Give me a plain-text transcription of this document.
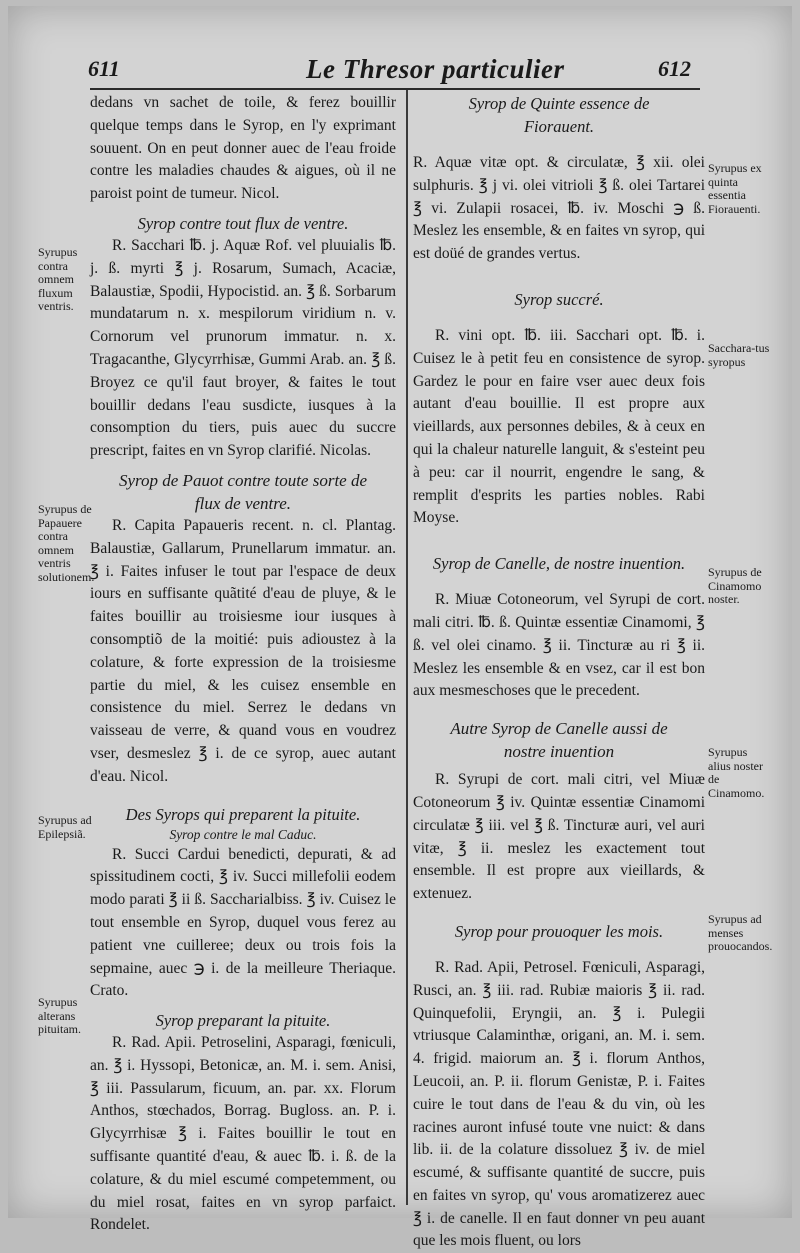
611	Le Thresor particulier	612

dedans vn sachet de toile, & ferez bouillir quelque temps dans le Syrop, en l'y exprimant souuent. On en peut donner auec de l'eau froide contre les maladies chaudes & aigues, où il ne paroist point de tumeur. Nicol.

Syrop contre tout flux de ventre.

R. Sacchari ℔. j. Aquæ Rof. vel pluuialis ℔. j. ß. myrti ℥ j. Rosarum, Sumach, Acaciæ, Balaustiæ, Spodii, Hypocistid. an. ℥ ß. Sorbarum mundatarum n. x. mespilorum viridium n. v. Cornorum vel prunorum immatur. n. x. Tragacanthe, Glycyrrhisæ, Gummi Arab. an. ℥ ß. Broyez ce qu'il faut broyer, & faites le tout bouillir dedans l'eau susdicte, iusques à la consomption du tiers, puis auec du succre prescript, faites en vn Syrop clarifié. Nicolas.

Syrop de Pauot contre toute sorte de

flux de ventre.

R. Capita Papaueris recent. n. cl. Plantag. Balaustiæ, Gallarum, Prunellarum immatur. an. ℥ i. Faites infuser le tout par l'espace de deux iours en suffisante quãtité d'eau de pluye, & le faites bouillir au troisiesme iour iusques à consomptiõ de la moitié: puis adioustez à la colature, & forte expression de la troisiesme partie du miel, & les cuisez ensemble en consistence du miel. Serrez le dedans vn vaisseau de verre, & quand vous en voudrez vser, desmeslez ℥ i. de ce syrop, auec autant d'eau. Nicol.

Des Syrops qui preparent la pituite.

Syrop contre le mal Caduc.

R. Succi Cardui benedicti, depurati, & ad spissitudinem cocti, ℥ iv. Succi millefolii eodem modo parati ℥ ii ß. Saccharialbiss. ℥ iv. Cuisez le tout ensemble en Syrop, duquel vous ferez au patient vne cuilleree; deux ou trois fois la sepmaine, auec ℈ i. de la meilleure Theriaque. Crato.

Syrop preparant la pituite.

R. Rad. Apii. Petroselini, Asparagi, fœniculi, an. ℥ i. Hyssopi, Betonicæ, an. M. i. sem. Anisi, ℥ iii. Passularum, ficuum, an. par. xx. Florum Anthos, stœchados, Borrag. Bugloss. an. P. i. Glycyrrhisæ ℥ i. Faites bouillir le tout en suffisante quantité d'eau, & auec ℔. i. ß. de la colature, & du miel escumé competemment, ou du miel rosat, faites en vn syrop parfaict. Rondelet.

Syrop de Quinte essence de

Fiorauent.

R. Aquæ vitæ opt. & circulatæ, ℥ xii. olei sulphuris. ℥ j vi. olei vitrioli ℥ ß. olei Tartarei ℥ vi. Zulapii rosacei, ℔. iv. Moschi ℈ ß. Meslez les ensemble, & en faites vn syrop, qui est doüé de grandes vertus.

Syrop succré.

R. vini opt. ℔. iii. Sacchari opt. ℔. i. Cuisez le à petit feu en consistence de syrop. Gardez le pour en faire vser auec deux fois autant d'eau bouillie. Il est propre aux vieillards, aux personnes debiles, & à ceux en qui la chaleur naturelle languit, & s'esteint peu à peu: car il nourrit, engendre le sang, & remplit d'esprits les parties nobles. Rabi Moyse.

Syrop de Canelle, de nostre inuention.

R. Miuæ Cotoneorum, vel Syrupi de cort. mali citri. ℔. ß. Quintæ essentiæ Cinamomi, ℥ ß. vel olei cinamo. ℥ ii. Tincturæ au ri ℥ ii. Meslez les ensemble & en vsez, car il est bon aux mesmeschoses que le precedent.

Autre Syrop de Canelle aussi de

nostre inuention

R. Syrupi de cort. mali citri, vel Miuæ Cotoneorum ℥ iv. Quintæ essentiæ Cinamomi circulatæ ℥ iii. vel ℥ ß. Tincturæ auri, vel auri vitæ, ℥ ii. meslez les exactement tout ensemble. Il est propre aux vieillards, & extenuez.

Syrop pour prouoquer les mois.

R. Rad. Apii, Petrosel. Fœniculi, Asparagi, Rusci, an. ℥ iii. rad. Rubiæ maioris ℥ ii. rad. Quinquefolii, Eryngii, an. ℥ i. Pulegii vtriusque Calaminthæ, origani, an. M. i. sem. 4. frigid. maiorum an. ℥ i. florum Anthos, Leucoii, an. P. ii. florum Genistæ, P. i. Faites cuire le tout dans de l'eau & du vin, où les racines auront infusé toute vne nuict: & dans lib. ii. de la colature dissoluez ℥ iv. de miel escumé, & suffisante quantité de succre, puis en faites vn syrop, qu' vous aromatizerez auec ℥ i. de canelle. Il en faut donner vn peu auant que les mois fluent, ou lors

Syrupus contra omnem fluxum ventris.
Syrupus de Papauere contra omnem ventris solutionem.
Syrupus ad Epilepsiã.
Syrupus alterans pituitam.
Syrupus ex quinta essentia Fiorauenti.
Sacchara-tus syropus
Syrupus de Cinamomo noster.
Syrupus alius noster de Cinamomo.
Syrupus ad menses prouocandos.
